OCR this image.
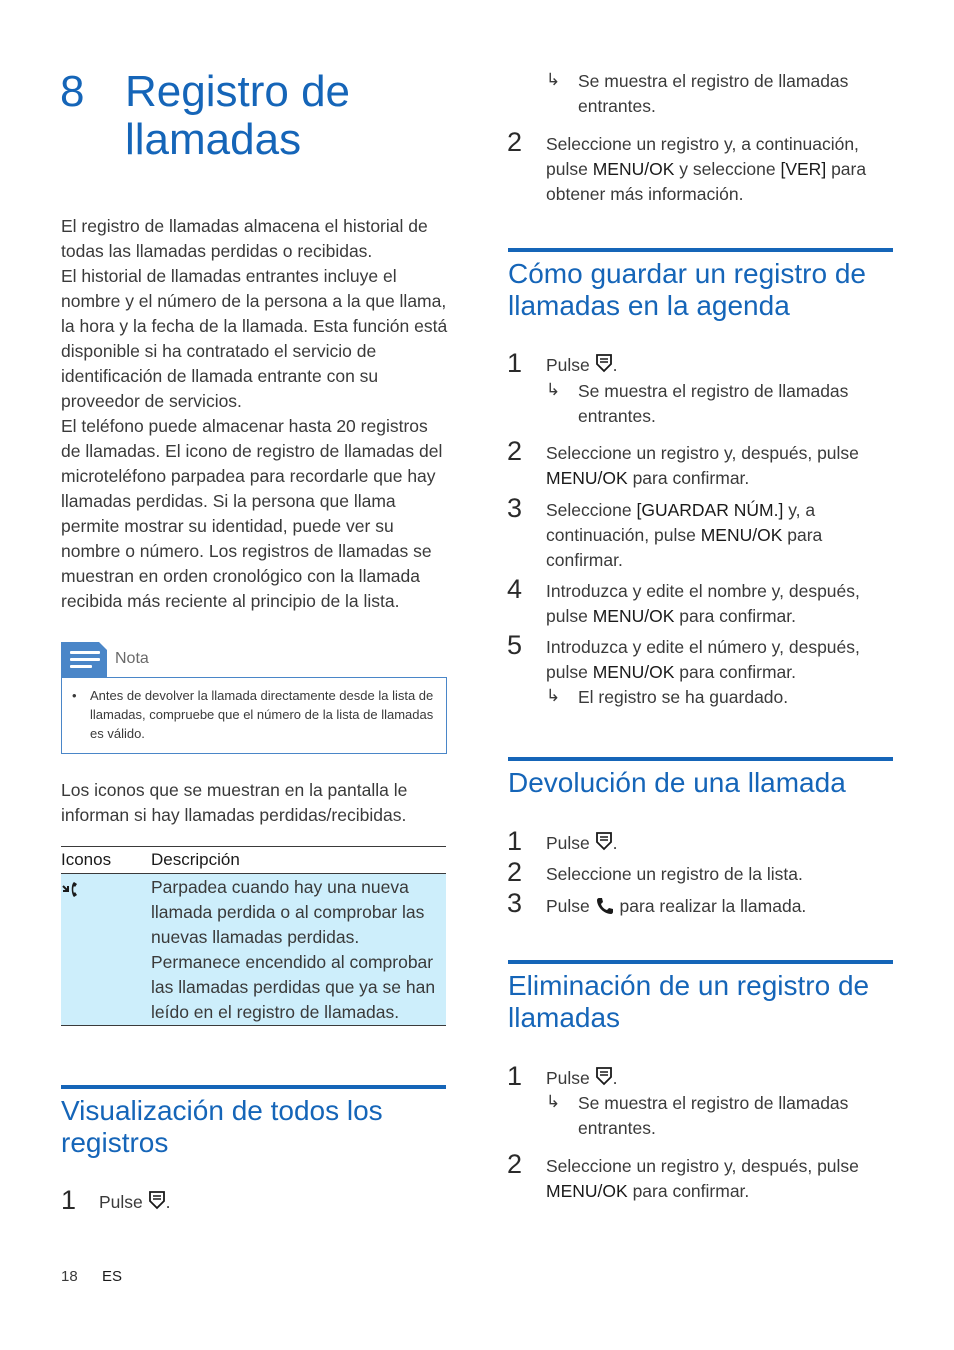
8 Registro de llamadas

El registro de llamadas almacena el historial de todas las llamadas perdidas o recibidas.

El historial de llamadas entrantes incluye el nombre y el número de la persona a la que llama, la hora y la fecha de la llamada. Esta función está disponible si ha contratado el servicio de identificación de llamada entrante con su proveedor de servicios.

El teléfono puede almacenar hasta 20 registros de llamadas. El icono de registro de llamadas del microteléfono parpadea para recordarle que hay llamadas perdidas. Si la persona que llama permite mostrar su identidad, puede ver su nombre o número. Los registros de llamadas se muestran en orden cronológico con la llamada recibida más reciente al principio de la lista.

Nota
• Antes de devolver la llamada directamente desde la lista de llamadas, compruebe que el número de la lista de llamadas es válido.
Los iconos que se muestran en la pantalla le informan si hay llamadas perdidas/recibidas.
Iconos Descripción
Parpadea cuando hay una nueva llamada perdida o al comprobar las nuevas llamadas perdidas. Permanece encendido al comprobar las llamadas perdidas que ya se han leído en el registro de llamadas.
Visualización de todos los registros
1 Pulse .
↳ Se muestra el registro de llamadas entrantes.
2 Seleccione un registro y, a continuación, pulse MENU/OK y seleccione [VER] para obtener más información.
Cómo guardar un registro de llamadas en la agenda
1 Pulse .
↳ Se muestra el registro de llamadas entrantes.
2 Seleccione un registro y, después, pulse MENU/OK para confirmar.
3 Seleccione [GUARDAR NÚM.] y, a continuación, pulse MENU/OK para confirmar.
4 Introduzca y edite el nombre y, después, pulse MENU/OK para confirmar.
5 Introduzca y edite el número y, después, pulse MENU/OK para confirmar.
↳ El registro se ha guardado.
Devolución de una llamada
1 Pulse .
2 Seleccione un registro de la lista.
3 Pulse para realizar la llamada.
Eliminación de un registro de llamadas
1 Pulse .
↳ Se muestra el registro de llamadas entrantes.
2 Seleccione un registro y, después, pulse MENU/OK para confirmar.
18 ES
